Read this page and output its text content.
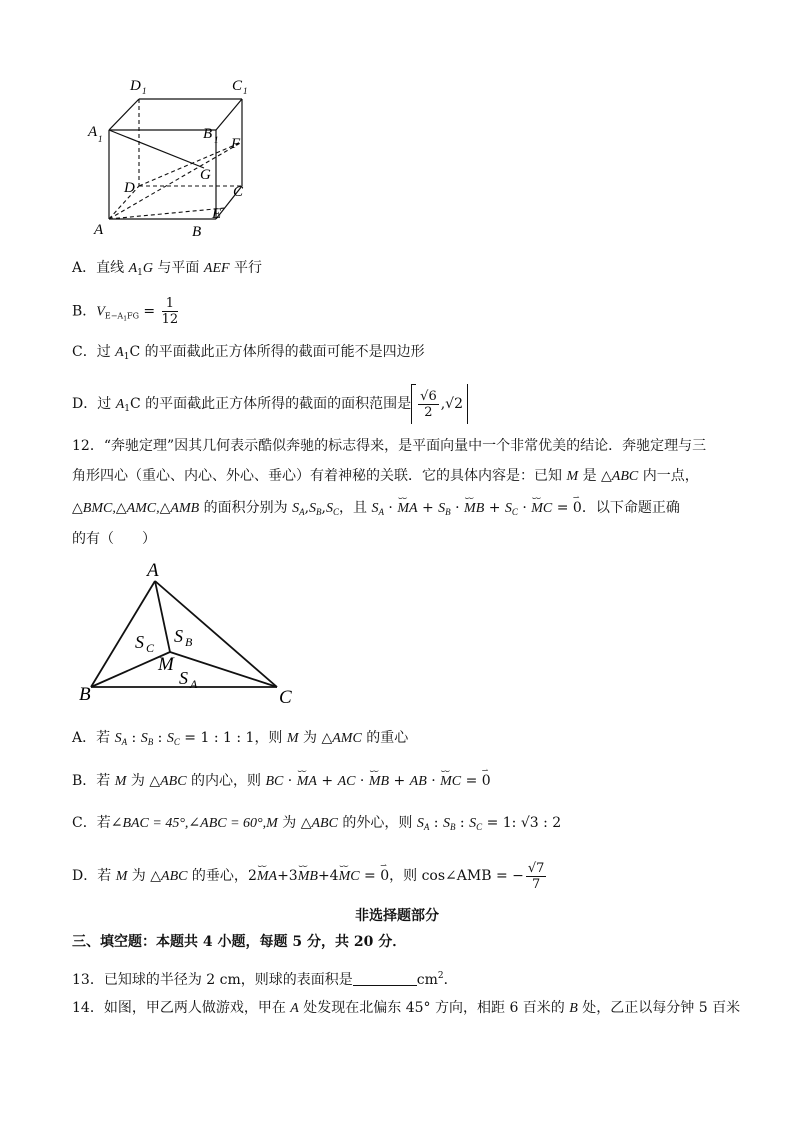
D 1	C 1
A 1	B 1 F
G
D	C
E
A	B
A．直线 $A_1G$ 与平面 AEF 平行
B．$V_{E-A1FG} = \frac{1}{12}$
C．过 $A_1C$ 的平面截此正方体所得的截面可能不是四边形
D．过 $A_1C$ 的平面截此正方体所得的截面的面积范围是 $\frac{√6}{2} ,√2$
12．“奔驰定理”因其几何表示酷似奔驰的标志得来，是平面向量中一个非常优美的结论．奔驰定理与三
角形四心（重心、内心、外心、垂心）有着神秘的关联．它的具体内容是：已知 M 是 △ABC 内一点，
△BMC,△AMC,△AMB 的面积分别为 $S_A,S_B,S_C$，且 $S_A$ · ⌣⌣ MA + $S_B$ · ⌣⌣ MB + $S_C$ · ⌣⌣ MC = ⇀ 0．以下命题正确
的有（　　）
A
B	C
M
S C
S B
S A
A．若 $S_A$ : $S_B$ : $S_C = 1$ : 1 : 1，则 M 为 △AMC 的重心
B．若 M 为 △ABC 的内心，则 BC · ⌣⌣ MA + AC · ⌣⌣ MB + AB · ⌣⌣ MC = ⇀ 0
C．若∠BAC = 45°,∠ABC = 60°,M 为 △ABC 的外心，则 $S_A$ : $S_B$ : $S_C = 1$: √3 : 2
D．若 M 为 △ABC 的垂心，2⌣⌣ MA+3⌣⌣ MB+4⌣⌣ MC = ⇀ 0，则 cos∠AMB = − $\frac{√7}{7}$
非选择题部分
三、填空题：本题共 4 小题，每题 5 分，共 20 分．
13．已知球的半径为 2 cm，则球的表面积是	$cm^2$．
14．如图，甲乙两人做游戏，甲在 A 处发现在北偏东 45° 方向，相距 6 百米的 B 处，乙正以每分钟 5 百米
